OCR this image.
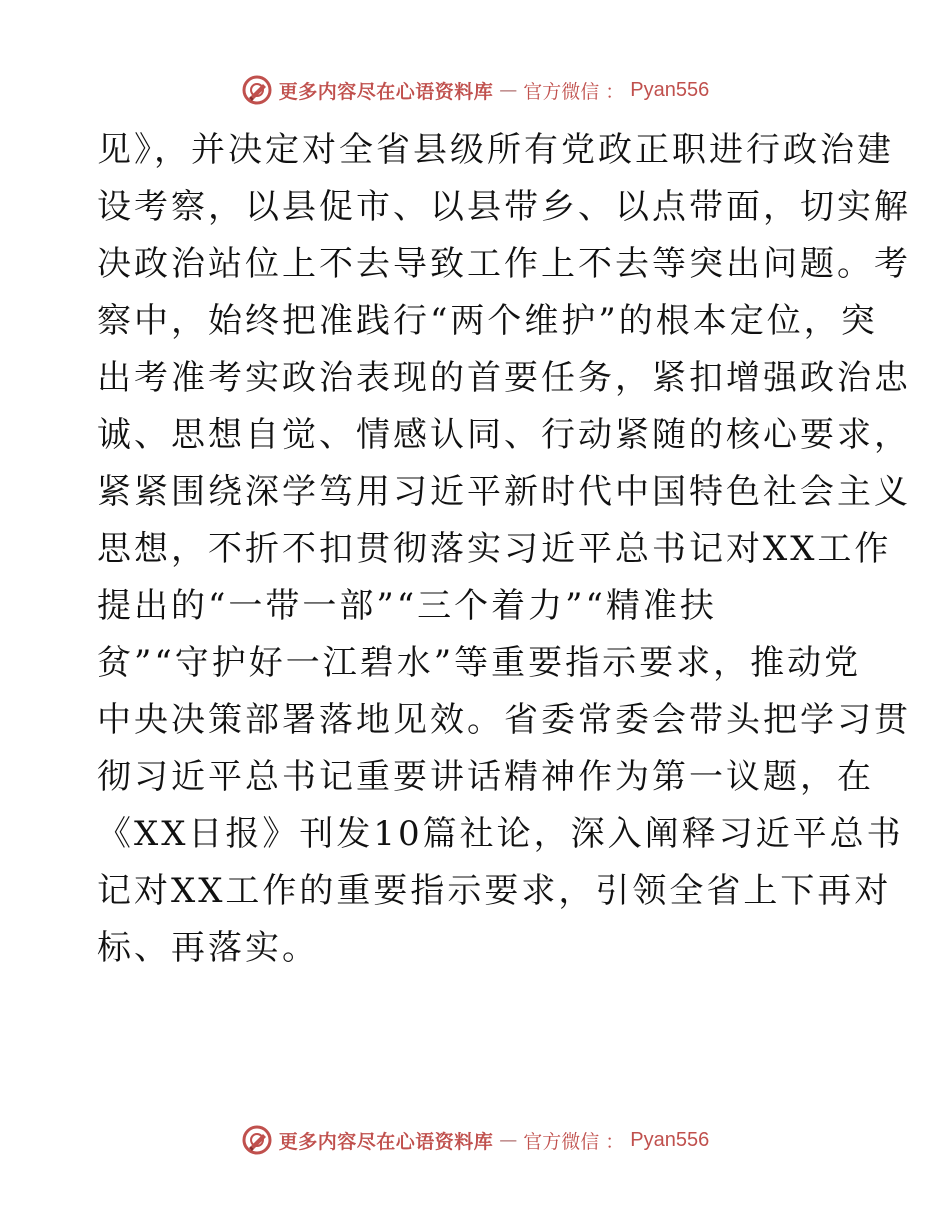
更多内容尽在心语资料库 — 官方微信 ： Pyan556
见》，并决定对全省县级所有党政正职进行政治建
设考察，以县促市、以县带乡、以点带面，切实解
决政治站位上不去导致工作上不去等突出问题。考
察中，始终把准践行“两个维护”的根本定位，突
出考准考实政治表现的首要任务，紧扣增强政治忠
诚、思想自觉、情感认同、行动紧随的核心要求，
紧紧围绕深学笃用习近平新时代中国特色社会主义
思想，不折不扣贯彻落实习近平总书记对XX工作
提出的“一带一部”“三个着力”“精准扶
贫”“守护好一江碧水”等重要指示要求，推动党
中央决策部署落地见效。省委常委会带头把学习贯
彻习近平总书记重要讲话精神作为第一议题，在
《XX日报》刊发10篇社论，深入阐释习近平总书
记对XX工作的重要指示要求，引领全省上下再对
标、再落实。
更多内容尽在心语资料库 — 官方微信 ： Pyan556
